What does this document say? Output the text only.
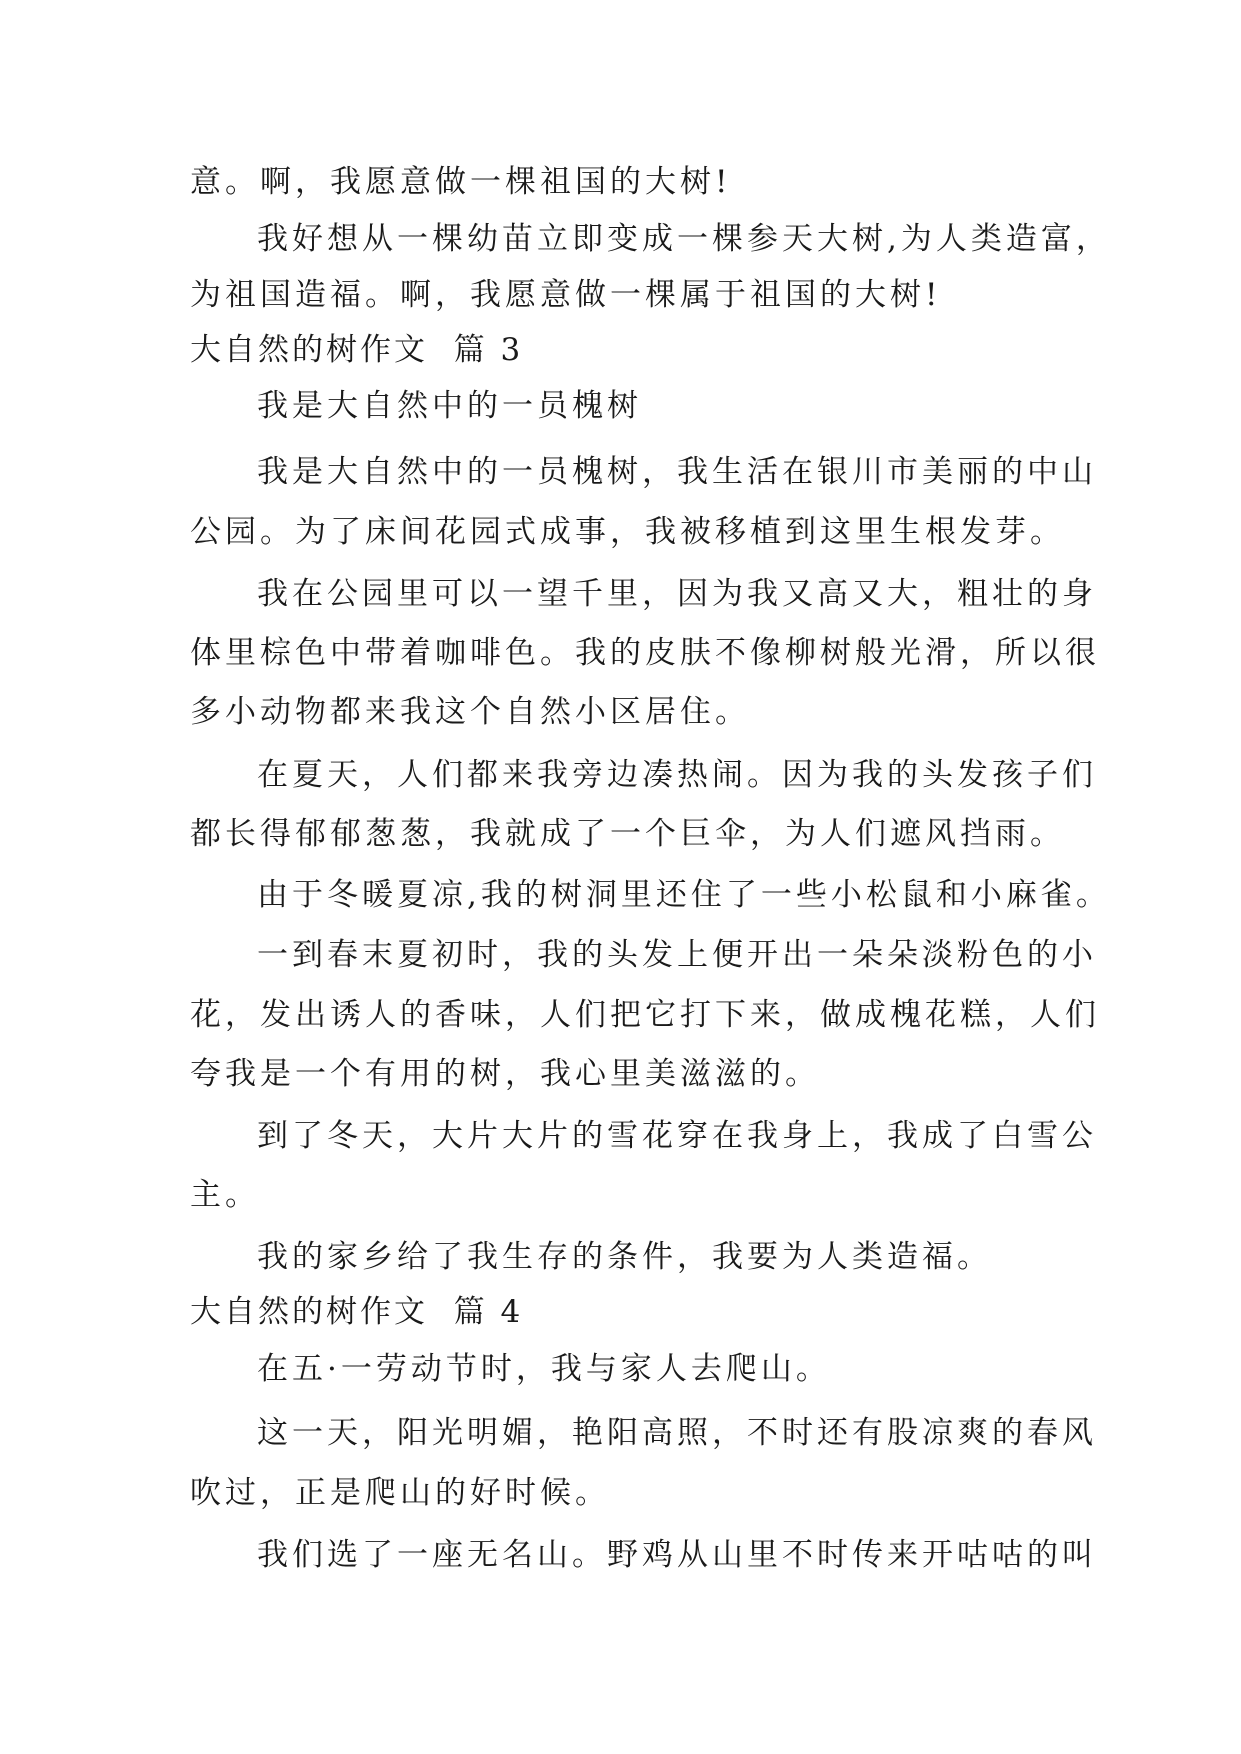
意。啊，我愿意做一棵祖国的大树!
我好想从一棵幼苗立即变成一棵参天大树,为人类造富，
为祖国造福。啊，我愿意做一棵属于祖国的大树!
大自然的树作文  篇 3
我是大自然中的一员槐树
我是大自然中的一员槐树，我生活在银川市美丽的中山
公园。为了床间花园式成事，我被移植到这里生根发芽。
我在公园里可以一望千里，因为我又高又大，粗壮的身
体里棕色中带着咖啡色。我的皮肤不像柳树般光滑，所以很
多小动物都来我这个自然小区居住。
在夏天，人们都来我旁边凑热闹。因为我的头发孩子们
都长得郁郁葱葱，我就成了一个巨伞，为人们遮风挡雨。
由于冬暖夏凉,我的树洞里还住了一些小松鼠和小麻雀。
一到春末夏初时，我的头发上便开出一朵朵淡粉色的小
花，发出诱人的香味，人们把它打下来，做成槐花糕，人们
夸我是一个有用的树，我心里美滋滋的。
到了冬天，大片大片的雪花穿在我身上，我成了白雪公
主。
我的家乡给了我生存的条件，我要为人类造福。
大自然的树作文  篇 4
在五·一劳动节时，我与家人去爬山。
这一天，阳光明媚，艳阳高照，不时还有股凉爽的春风
吹过，正是爬山的好时候。
我们选了一座无名山。野鸡从山里不时传来开咕咕的叫
